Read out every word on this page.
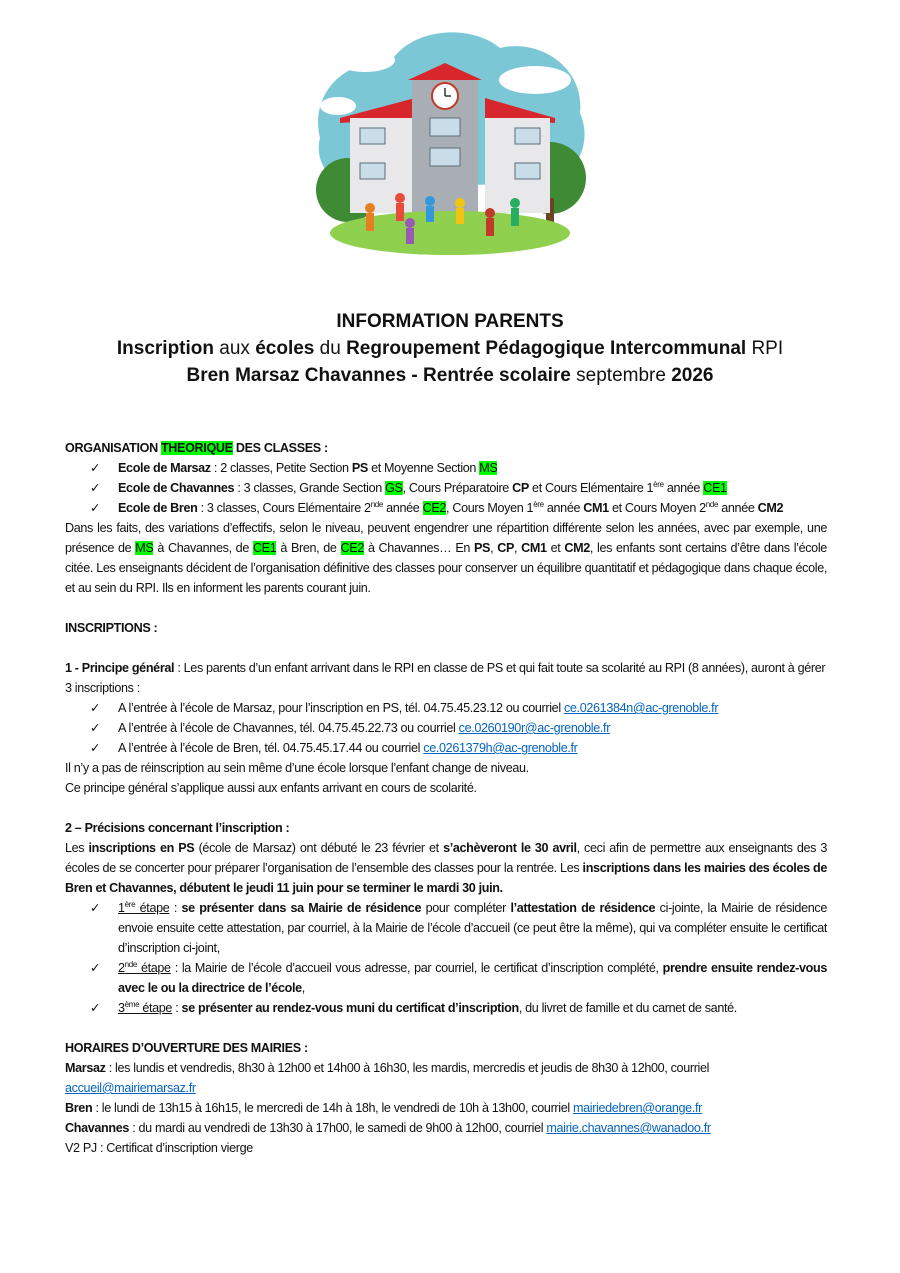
INFORMATION PARENTS
Inscription aux écoles du Regroupement Pédagogique Intercommunal RPI
Bren Marsaz Chavannes - Rentrée scolaire septembre 2026

ORGANISATION THEORIQUE DES CLASSES :

✓ Ecole de Marsaz : 2 classes, Petite Section PS et Moyenne Section MS
✓ Ecole de Chavannes : 3 classes, Grande Section GS, Cours Préparatoire CP et Cours Elémentaire 1ère année CE1
✓ Ecole de Bren : 3 classes, Cours Elémentaire 2nde année CE2, Cours Moyen 1ère année CM1 et Cours Moyen 2nde année CM2

Dans les faits, des variations d’effectifs, selon le niveau, peuvent engendrer une répartition différente selon les années, avec par exemple, une présence de MS à Chavannes, de CE1 à Bren, de CE2 à Chavannes… En PS, CP, CM1 et CM2, les enfants sont certains d’être dans l’école citée. Les enseignants décident de l’organisation définitive des classes pour conserver un équilibre quantitatif et pédagogique dans chaque école, et au sein du RPI. Ils en informent les parents courant juin.

INSCRIPTIONS :

1 - Principe général : Les parents d’un enfant arrivant dans le RPI en classe de PS et qui fait toute sa scolarité au RPI (8 années), auront à gérer 3 inscriptions :

✓ A l’entrée à l’école de Marsaz, pour l’inscription en PS, tél. 04.75.45.23.12 ou courriel ce.0261384n@ac-grenoble.fr
✓ A l’entrée à l’école de Chavannes, tél. 04.75.45.22.73 ou courriel ce.0260190r@ac-grenoble.fr
✓ A l’entrée à l’école de Bren, tél. 04.75.45.17.44 ou courriel ce.0261379h@ac-grenoble.fr

Il n’y a pas de réinscription au sein même d’une école lorsque l’enfant change de niveau.

Ce principe général s’applique aussi aux enfants arrivant en cours de scolarité.

2 – Précisions concernant l’inscription :

Les inscriptions en PS (école de Marsaz) ont débuté le 23 février et s’achèveront le 30 avril, ceci afin de permettre aux enseignants des 3 écoles de se concerter pour préparer l’organisation de l’ensemble des classes pour la rentrée. Les inscriptions dans les mairies des écoles de Bren et Chavannes, débutent le jeudi 11 juin pour se terminer le mardi 30 juin.

✓ 1ère étape : se présenter dans sa Mairie de résidence pour compléter l’attestation de résidence ci-jointe, la Mairie de résidence envoie ensuite cette attestation, par courriel, à la Mairie de l’école d’accueil (ce peut être la même), qui va compléter ensuite le certificat d’inscription ci-joint,
✓ 2nde étape : la Mairie de l’école d’accueil vous adresse, par courriel, le certificat d’inscription complété, prendre ensuite rendez-vous avec le ou la directrice de l’école,
✓ 3ème étape : se présenter au rendez-vous muni du certificat d’inscription, du livret de famille et du carnet de santé.

HORAIRES D’OUVERTURE DES MAIRIES :

Marsaz : les lundis et vendredis, 8h30 à 12h00 et 14h00 à 16h30, les mardis, mercredis et jeudis de 8h30 à 12h00, courriel accueil@mairiemarsaz.fr

Bren : le lundi de 13h15 à 16h15, le mercredi de 14h à 18h, le vendredi de 10h à 13h00, courriel mairiedebren@orange.fr

Chavannes : du mardi au vendredi de 13h30 à 17h00, le samedi de 9h00 à 12h00, courriel mairie.chavannes@wanadoo.fr

V2 PJ : Certificat d’inscription vierge
